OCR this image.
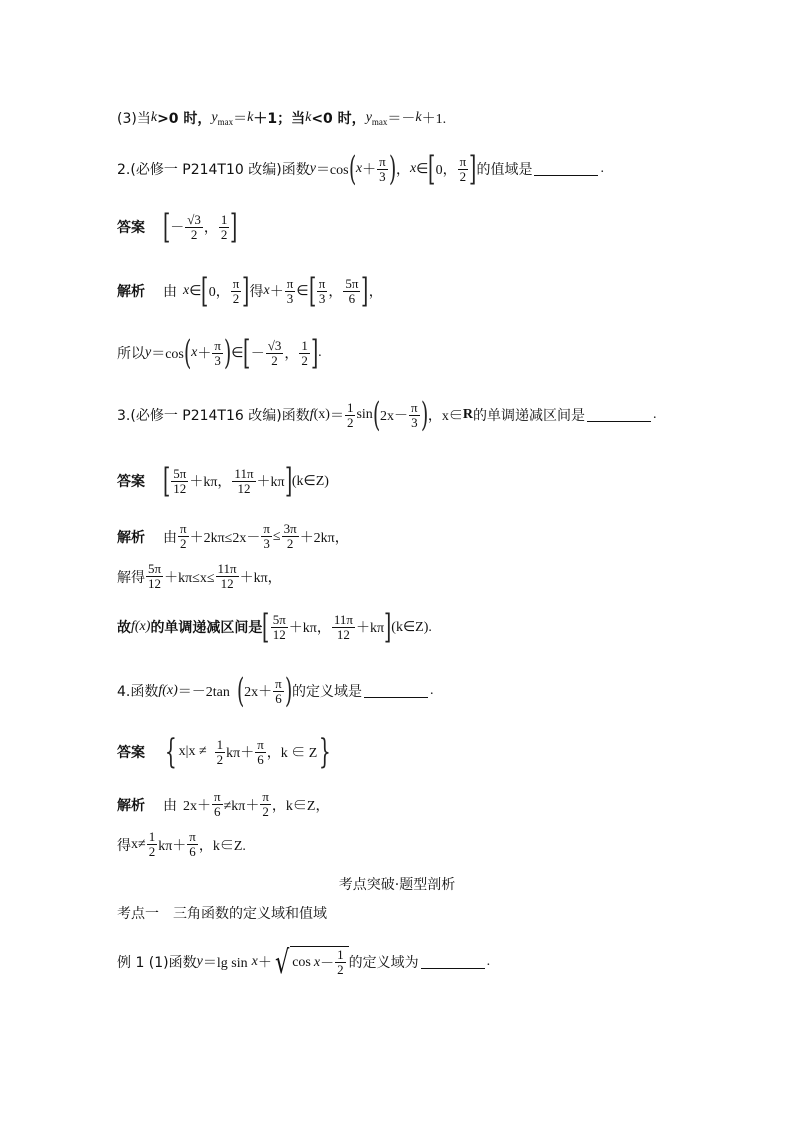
(3)当 k >0 时， y max ＝ k ＋1；当 k <0 时， y max ＝－ k ＋1.
2.(必修一 P214T10 改编)函数 y ＝cos ( $x + \frac{\pi}{3}$ ) ， x ∈ [ 0， $\frac{\pi}{2}$ ] 的值域是	.
答案 [ － $\frac{√3}{2}$ ， $\frac{1}{2}$ ]
解析 由 x ∈ [ 0， $\frac{\pi}{2}$ ] 得 $x + \frac{\pi}{3}$ ∈ [ $\frac{\pi}{3}$ ， $\frac{5\pi}{6}$ ] ，
所以 y ＝cos ( $x + \frac{\pi}{3}$ ) ∈ [ － $\frac{√3}{2}$ ， $\frac{1}{2}$ ] .
3.(必修一 P214T16 改编)函数 f $(x) = \frac{1}{2}$ sin ( $2x- \frac{\pi}{3}$ ) ，x∈ R 的单调递减区间是	.
答案 [ $\frac{5\pi}{12} +k\pi$， $\frac{11\pi}{12} +k\pi$ ] (k∈Z)
解析 由 $\frac{\pi}{2} +2k\pi\le 2x- \frac{\pi}{3} \le \frac{3\pi}{2} +2k\pi$，
解得 $\frac{5\pi}{12} +k\pi\le x\le \frac{11\pi}{12} +k\pi$，
故 f(x) 的单调递减区间是 [ $\frac{5\pi}{12} +k\pi$， $\frac{11\pi}{12} +k\pi$ ] (k∈Z).
4.函数 f(x) ＝－2tan ( $2x+ \frac{\pi}{6}$ ) 的定义域是	.
答案 { $x|x \ne \frac{1}{2} k\pi+ \frac{\pi}{6}$ ，k ∈ Z }
解析 由 $2x+ \frac{\pi}{6} \ne k\pi+ \frac{\pi}{2}$ ，k∈Z，
得 $x\ne \frac{1}{2} k\pi+ \frac{\pi}{6}$ ，k∈Z.
考点突破·题型剖析
考点一　三角函数的定义域和值域
例 1 (1)函数 y ＝lg sin x ＋ √ $\cos x - \frac{1}{2}$ 的定义域为	.
